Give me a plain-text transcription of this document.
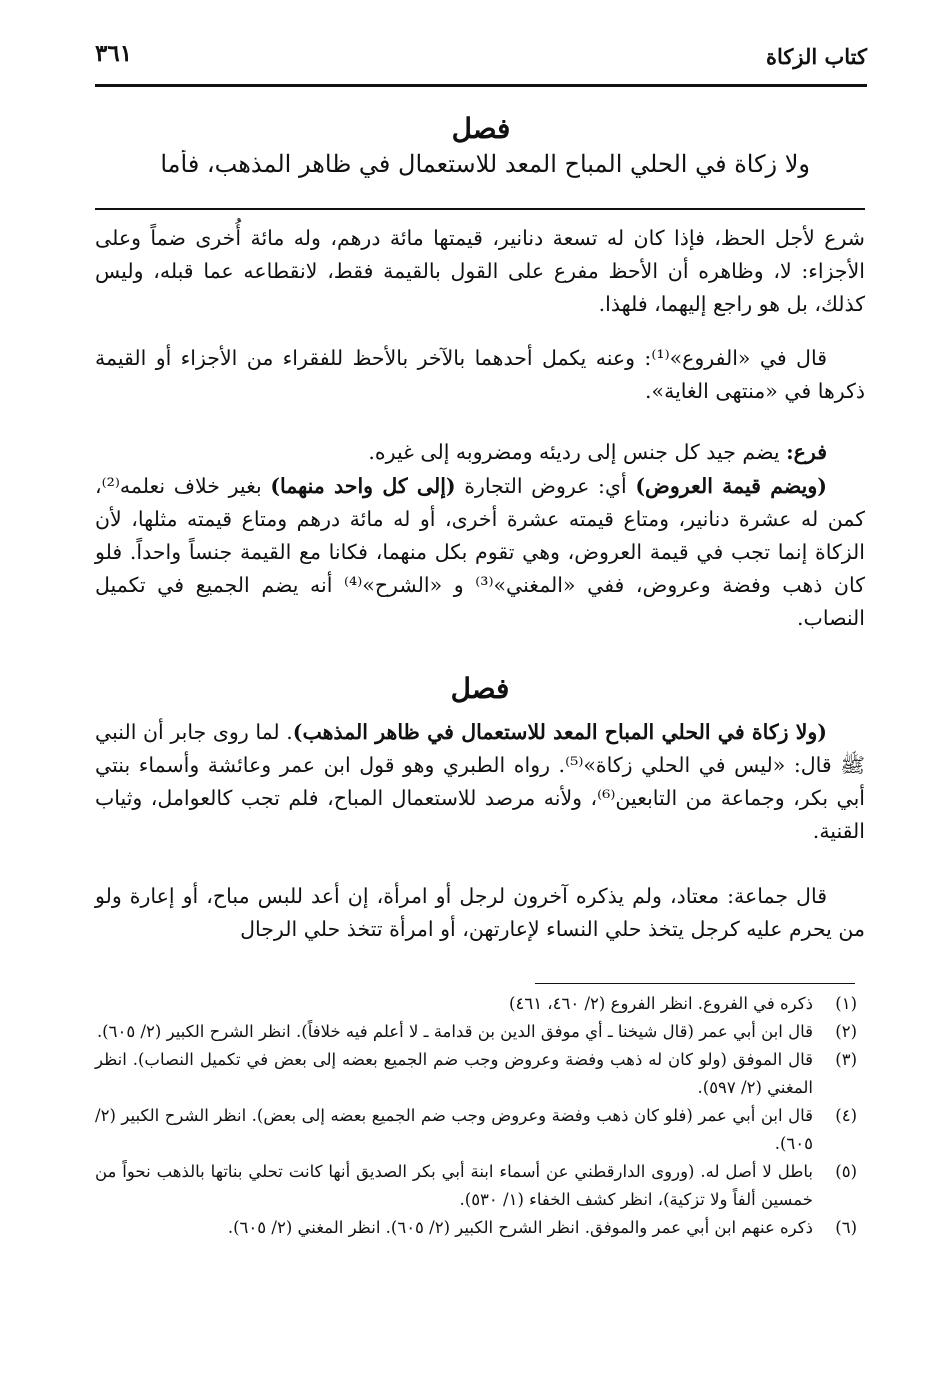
كتاب الزكاة
٣٦١
فصل
ولا زكاة في الحلي المباح المعد للاستعمال في ظاهر المذهب، فأما

شرع لأجل الحظ، فإذا كان له تسعة دنانير، قيمتها مائة درهم، وله مائة أُخرى ضماً وعلى الأجزاء: لا، وظاهره أن الأحظ مفرع على القول بالقيمة فقط، لانقطاعه عما قبله، وليس كذلك، بل هو راجع إليهما، فلهذا.

قال في «الفروع»⁽¹⁾: وعنه يكمل أحدهما بالآخر بالأحظ للفقراء من الأجزاء أو القيمة ذكرها في «منتهى الغاية».

فرع: يضم جيد كل جنس إلى رديئه ومضروبه إلى غيره.

(ويضم قيمة العروض) أي: عروض التجارة (إلى كل واحد منهما) بغير خلاف نعلمه⁽²⁾، كمن له عشرة دنانير، ومتاع قيمته عشرة أخرى، أو له مائة درهم ومتاع قيمته مثلها، لأن الزكاة إنما تجب في قيمة العروض، وهي تقوم بكل منهما، فكانا مع القيمة جنساً واحداً. فلو كان ذهب وفضة وعروض، ففي «المغني»⁽³⁾ و «الشرح»⁽⁴⁾ أنه يضم الجميع في تكميل النصاب.

فصل

(ولا زكاة في الحلي المباح المعد للاستعمال في ظاهر المذهب). لما روى جابر أن النبي ﷺ قال: «ليس في الحلي زكاة»⁽⁵⁾. رواه الطبري وهو قول ابن عمر وعائشة وأسماء بنتي أبي بكر، وجماعة من التابعين⁽⁶⁾، ولأنه مرصد للاستعمال المباح، فلم تجب كالعوامل، وثياب القنية.

قال جماعة: معتاد، ولم يذكره آخرون لرجل أو امرأة، إن أعد للبس مباح، أو إعارة ولو من يحرم عليه كرجل يتخذ حلي النساء لإعارتهن، أو امرأة تتخذ حلي الرجال

(١)
ذكره في الفروع. انظر الفروع (٢/ ٤٦٠، ٤٦١)
(٢)
قال ابن أبي عمر (قال شيخنا ـ أي موفق الدين بن قدامة ـ لا أعلم فيه خلافاً). انظر الشرح الكبير (٢/ ٦٠٥).
(٣)
قال الموفق (ولو كان له ذهب وفضة وعروض وجب ضم الجميع بعضه إلى بعض في تكميل النصاب). انظر المغني (٢/ ٥٩٧).
(٤)
قال ابن أبي عمر (فلو كان ذهب وفضة وعروض وجب ضم الجميع بعضه إلى بعض). انظر الشرح الكبير (٢/ ٦٠٥).
(٥)
باطل لا أصل له. (وروى الدارقطني عن أسماء ابنة أبي بكر الصديق أنها كانت تحلي بناتها بالذهب نحواً من خمسين ألفاً ولا تزكية)، انظر كشف الخفاء (١/ ٥٣٠).
(٦)
ذكره عنهم ابن أبي عمر والموفق. انظر الشرح الكبير (٢/ ٦٠٥). انظر المغني (٢/ ٦٠٥).
